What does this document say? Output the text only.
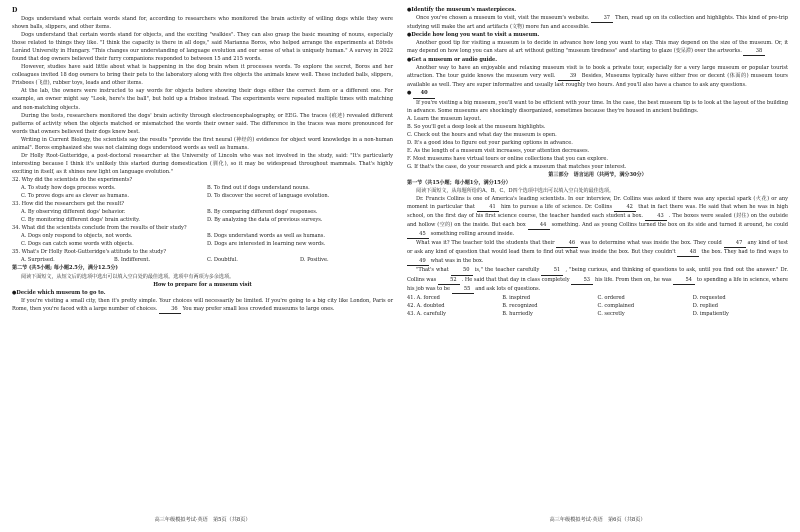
D

Dogs understand what certain words stand for, according to researchers who monitored the brain activity of willing dogs while they were shown balls, slippers, and other items.

Dogs understand that certain words stand for objects, and the exciting "walkies". They can also grasp the basic meaning of nouns, especially those related to things they like. "I think the capacity is there in all dogs," said Marianna Boros, who helped arrange the experiments at Eötvös Loránd University in Hungary. "This changes our understanding of language evolution and our sense of what is uniquely human." A survey in 2022 found that dog owners believed their furry companions responded to between 15 and 215 words.

However, studies have said little about what is happening in the dog brain when it processes words. To explore the secret, Boros and her colleagues invited 18 dog owners to bring their pets to the laboratory along with five objects the animals knew well. These included balls, slippers, Frisbees (飞盘), rubber toys, leads and other items.

At the lab, the owners were instructed to say words for objects before showing their dogs either the correct item or a different one. For example, an owner might say "Look, here's the ball", but hold up a frisbee instead. The experiments were repeated multiple times with matching and non-matching objects.

During the tests, researchers monitored the dogs' brain activity through electroencephalography, or EEG. The traces (痕迹) revealed different patterns of activity when the objects matched or mismatched the words their owner said. The difference in the traces was more pronounced for words that owners believed their dogs knew best.

Writing in Current Biology, the scientists say the results "provide the first neural (神经的) evidence for object word knowledge in a non-human animal". Boros emphasized she was not claiming dogs understood words as well as humans.

Dr Holly Root-Gutteridge, a post-doctoral researcher at the University of Lincoln who was not involved in the study, said: "It's particularly interesting because I think it's unlikely this started during domestication (驯化), so it may be widespread throughout mammals. That's highly exciting in itself, as it shines new light on language evolution."

32. Why did the scientists do the experiments?

A. To study how dogs process words.	B. To find out if dogs understand nouns.
C. To prove dogs are as clever as humans.	D. To discover the secret of language evolution.

33. How did the researchers get the result?

A. By observing different dogs' behavior.	B. By comparing different dogs' responses.
C. By monitoring different dogs' brain activity.	D. By analyzing the data of previous surveys.

34. What did the scientists conclude from the results of their study?

A. Dogs only respond to objects, not words.	B. Dogs understand words as well as humans.
C. Dogs can catch some words with objects.	D. Dogs are interested in learning new words.

35. What's Dr Holly Root-Gutteridge's attitude to the study?

A. Surprised.	B. Indifferent.	C. Doubtful.	D. Positive.

第二节 (共5小题; 每小题2.5分，满分12.5分)

阅读下面短文，从短文后的选项中选出可以填入空白处的最佳选项。选项中有两项为多余选项。

How to prepare for a museum visit

●Decide which museum to go to.

If you're visiting a small city, then it's pretty simple. Your choices will necessarily be limited. If you're going to a big city like London, Paris or Rome, then you're faced with a large number of choices.	36 You may prefer small less crowded museums to large ones.

高三年级模拟考试·英语　第5页（共8页）

●Identify the museum's masterpieces.

Once you've chosen a museum to visit, visit the museum's website.	37 Then, read up on its collection and highlights. This kind of pre-trip studying will make the art and artifacts (文物) more fun and accessible.

●Decide how long you want to visit a museum.

Another good tip for visiting a museum is to decide in advance how long you want to stay. This may depend on the size of the museum. Or, it may depend on how long you can stare at art without getting "museum tiredness" and starting to glaze (变呆滞) over the artworks.	38

●Get a museum or audio guide.

Another way to have an enjoyable and relaxing museum visit is to book a private tour, especially for a very large museum or popular tourist attraction. The tour guide knows the museum very well.	39 Besides, Museums typically have either free or decent (体面的) museum tours available as well. They are super informative and usually last roughly two hours. And you'll also have a chance to ask any questions.

● 40

If you're visiting a big museum, you'll want to be efficient with your time. In the case, the best museum tip is to look at the layout of the building in advance. Some museums are shockingly disorganized, sometimes because they're housed in ancient buildings.

A. Learn the museum layout.

B. So you'll get a deep look at the museum highlights.

C. Check out the hours and what day the museum is open.

D. It's a good idea to figure out your parking options in advance.

E. As the length of a museum visit increases, your attention decreases.

F. Most museums have virtual tours or online collections that you can explore.

G. If that's the case, do your research and pick a museum that matches your interest.

第三部分　语言运用（共两节，满分30分）

第一节（共15小题；每小题1分，满分15分）

阅读下面短文，从每题所给的A、B、C、D四个选项中选出可以填入空白处的最佳选项。

Dr. Francis Collins is one of America's leading scientists. In our interview, Dr. Collins was asked if there was any special spark (火花) or any moment in particular that	41 him to pursue a life of science. Dr. Collins	42 that in fact there was. He said that when he was in high school, on the first day of his first science course, the teacher handed each student a box.	43 . The boxes were sealed (封住) on the outside and hollow (空的) on the inside. But each box	44 something. And as young Collins turned the box on its side and turned it around, he could 45 something rolling around inside.

What was it? The teacher told the students that their	46 was to determine what was inside the box. They could	47 any kind of test or ask any kind of question that would lead them to find out what was inside the box. But they couldn't	48 the box. They had to find ways to 49 what was in the box.

"That's what	50 is," the teacher carefully	51 , "being curious, and thinking of questions to ask, until you find out the answer." Dr. Collins was	52 . He said that that day in class completely	53 his life. From then on, he was	54 to spending a life in science, where his job was to be	55 and ask lots of questions.

41. A. forced	B. inspired	C. ordered	D. requested
42. A. doubted	B. recognized	C. complained	D. replied
43. A. carefully	B. hurriedly	C. secretly	D. impatiently
高三年级模拟考试·英语　第6页（共8页）
